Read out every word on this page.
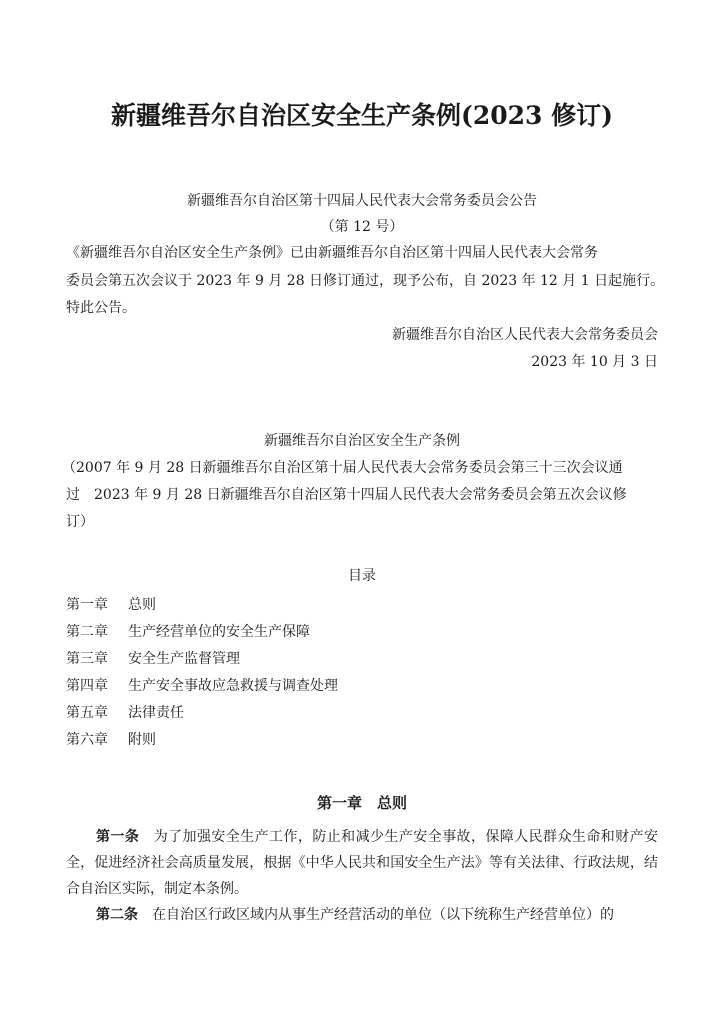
新疆维吾尔自治区安全生产条例(2023 修订)
新疆维吾尔自治区第十四届人民代表大会常务委员会公告
（第 12 号）
《新疆维吾尔自治区安全生产条例》已由新疆维吾尔自治区第十四届人民代表大会常务
委员会第五次会议于 2023 年 9 月 28 日修订通过，现予公布，自 2023 年 12 月 1 日起施行。
特此公告。
新疆维吾尔自治区人民代表大会常务委员会
2023 年 10 月 3 日
新疆维吾尔自治区安全生产条例
（2007 年 9 月 28 日新疆维吾尔自治区第十届人民代表大会常务委员会第三十三次会议通
过　2023 年 9 月 28 日新疆维吾尔自治区第十四届人民代表大会常务委员会第五次会议修
订）
目录
第一章 总则
第二章 生产经营单位的安全生产保障
第三章 安全生产监督管理
第四章 生产安全事故应急救援与调查处理
第五章 法律责任
第六章 附则
第一章　总则

第一条　 为了加强安全生产工作，防止和减少生产安全事故，保障人民群众生命和财产安全，促进经济社会高质量发展，根据《中华人民共和国安全生产法》等有关法律、行政法规，结合自治区实际，制定本条例。

第二条　 在自治区行政区域内从事生产经营活动的单位（以下统称生产经营单位）的
